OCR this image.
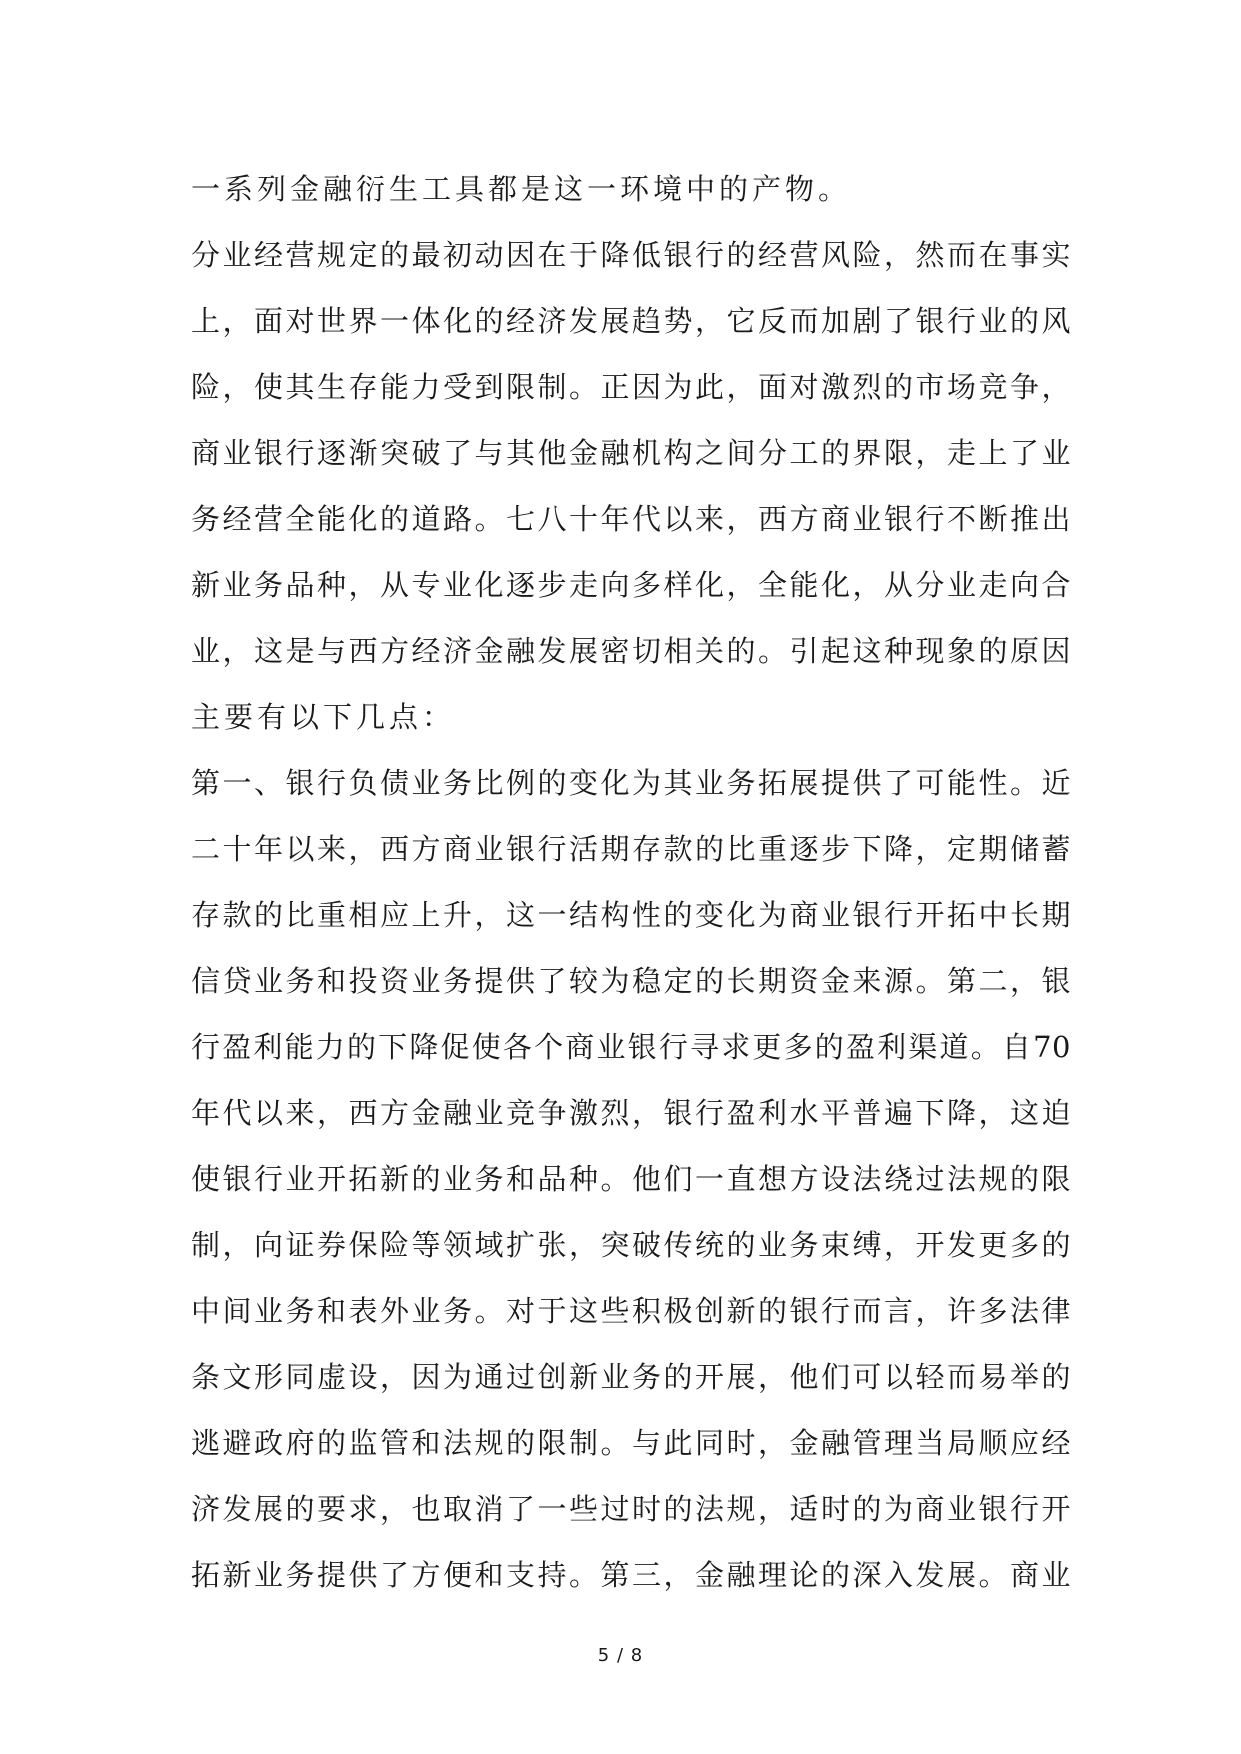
一系列金融衍生工具都是这一环境中的产物。
分业经营规定的最初动因在于降低银行的经营风险，然而在事实
上，面对世界一体化的经济发展趋势，它反而加剧了银行业的风
险，使其生存能力受到限制。正因为此，面对激烈的市场竞争，
商业银行逐渐突破了与其他金融机构之间分工的界限，走上了业
务经营全能化的道路。七八十年代以来，西方商业银行不断推出
新业务品种，从专业化逐步走向多样化，全能化，从分业走向合
业，这是与西方经济金融发展密切相关的。引起这种现象的原因
主要有以下几点：
第一、银行负债业务比例的变化为其业务拓展提供了可能性。近
二十年以来，西方商业银行活期存款的比重逐步下降，定期储蓄
存款的比重相应上升，这一结构性的变化为商业银行开拓中长期
信贷业务和投资业务提供了较为稳定的长期资金来源。第二，银
行盈利能力的下降促使各个商业银行寻求更多的盈利渠道。自70
年代以来，西方金融业竞争激烈，银行盈利水平普遍下降，这迫
使银行业开拓新的业务和品种。他们一直想方设法绕过法规的限
制，向证券保险等领域扩张，突破传统的业务束缚，开发更多的
中间业务和表外业务。对于这些积极创新的银行而言，许多法律
条文形同虚设，因为通过创新业务的开展，他们可以轻而易举的
逃避政府的监管和法规的限制。与此同时，金融管理当局顺应经
济发展的要求，也取消了一些过时的法规，适时的为商业银行开
拓新业务提供了方便和支持。第三，金融理论的深入发展。商业
5 / 8
